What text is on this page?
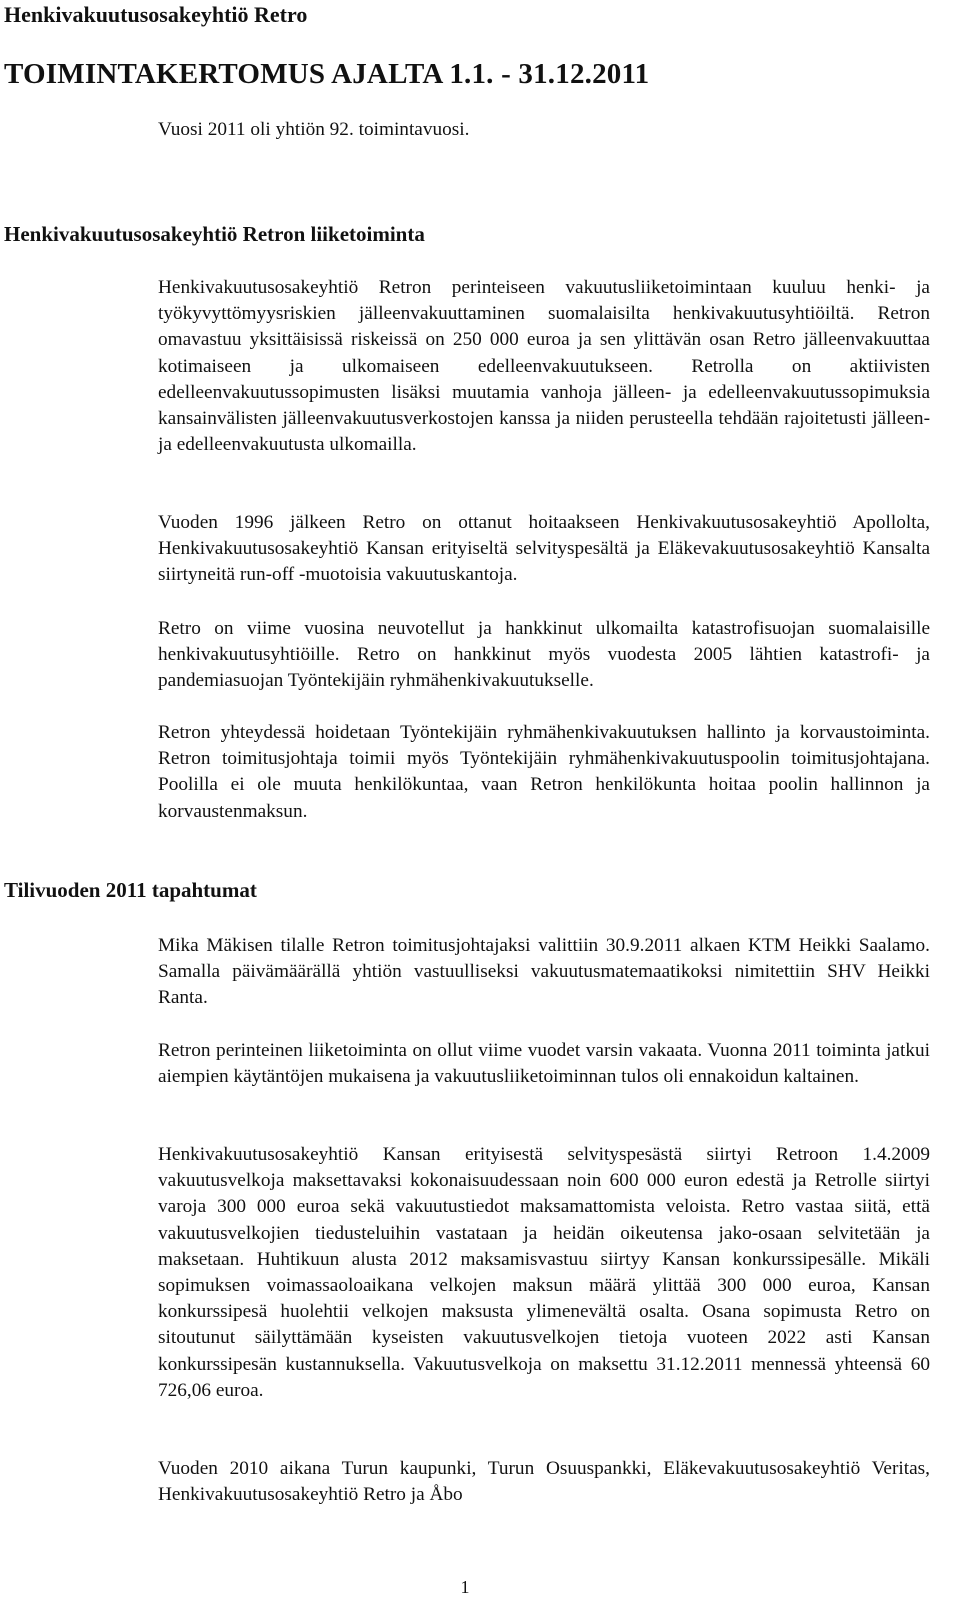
Henkivakuutusosakeyhtiö Retro
TOIMINTAKERTOMUS AJALTA 1.1. - 31.12.2011

Vuosi 2011 oli yhtiön 92. toimintavuosi.

Henkivakuutusosakeyhtiö Retron liiketoiminta

Henkivakuutusosakeyhtiö Retron perinteiseen vakuutusliiketoimintaan kuuluu henki- ja työkyvyttömyysriskien jälleenvakuuttaminen suomalaisilta henkivakuutusyhtiöiltä. Retron omavastuu yksittäisissä riskeissä on 250 000 euroa ja sen ylittävän osan Retro jälleenvakuuttaa kotimaiseen ja ulkomaiseen edelleenvakuutukseen. Retrolla on aktiivisten edelleenvakuutussopimusten lisäksi muutamia vanhoja jälleen- ja edelleenvakuutussopimuksia kansainvälisten jälleenvakuutusverkostojen kanssa ja niiden perusteella tehdään rajoitetusti jälleen- ja edelleenvakuutusta ulkomailla.

Vuoden 1996 jälkeen Retro on ottanut hoitaakseen Henkivakuutusosakeyhtiö Apollolta, Henkivakuutusosakeyhtiö Kansan erityiseltä selvityspesältä ja Eläkevakuutusosakeyhtiö Kansalta siirtyneitä run-off -muotoisia vakuutuskantoja.

Retro on viime vuosina neuvotellut ja hankkinut ulkomailta katastrofisuojan suomalaisille henkivakuutusyhtiöille. Retro on hankkinut myös vuodesta 2005 lähtien katastrofi- ja pandemiasuojan Työntekijäin ryhmähenkivakuutukselle.

Retron yhteydessä hoidetaan Työntekijäin ryhmähenkivakuutuksen hallinto ja korvaustoiminta. Retron toimitusjohtaja toimii myös Työntekijäin ryhmähenkivakuutuspoolin toimitusjohtajana. Poolilla ei ole muuta henkilökuntaa, vaan Retron henkilökunta hoitaa poolin hallinnon ja korvaustenmaksun.

Tilivuoden 2011 tapahtumat

Mika Mäkisen tilalle Retron toimitusjohtajaksi valittiin 30.9.2011 alkaen KTM Heikki Saalamo. Samalla päivämäärällä yhtiön vastuulliseksi vakuutusmatemaatikoksi nimitettiin SHV Heikki Ranta.

Retron perinteinen liiketoiminta on ollut viime vuodet varsin vakaata. Vuonna 2011 toiminta jatkui aiempien käytäntöjen mukaisena ja vakuutusliiketoiminnan tulos oli ennakoidun kaltainen.

Henkivakuutusosakeyhtiö Kansan erityisestä selvityspesästä siirtyi Retroon 1.4.2009 vakuutusvelkoja maksettavaksi kokonaisuudessaan noin 600 000 euron edestä ja Retrolle siirtyi varoja 300 000 euroa sekä vakuutustiedot maksamattomista veloista. Retro vastaa siitä, että vakuutusvelkojien tiedusteluihin vastataan ja heidän oikeutensa jako-osaan selvitetään ja maksetaan. Huhtikuun alusta 2012 maksamisvastuu siirtyy Kansan konkurssipesälle. Mikäli sopimuksen voimassaoloaikana velkojen maksun määrä ylittää 300 000 euroa, Kansan konkurssipesä huolehtii velkojen maksusta ylimenevältä osalta. Osana sopimusta Retro on sitoutunut säilyttämään kyseisten vakuutusvelkojen tietoja vuoteen 2022 asti Kansan konkurssipesän kustannuksella. Vakuutusvelkoja on maksettu 31.12.2011 mennessä yhteensä 60 726,06 euroa.

Vuoden 2010 aikana Turun kaupunki, Turun Osuuspankki, Eläkevakuutusosakeyhtiö Veritas, Henkivakuutusosakeyhtiö Retro ja Åbo

1
